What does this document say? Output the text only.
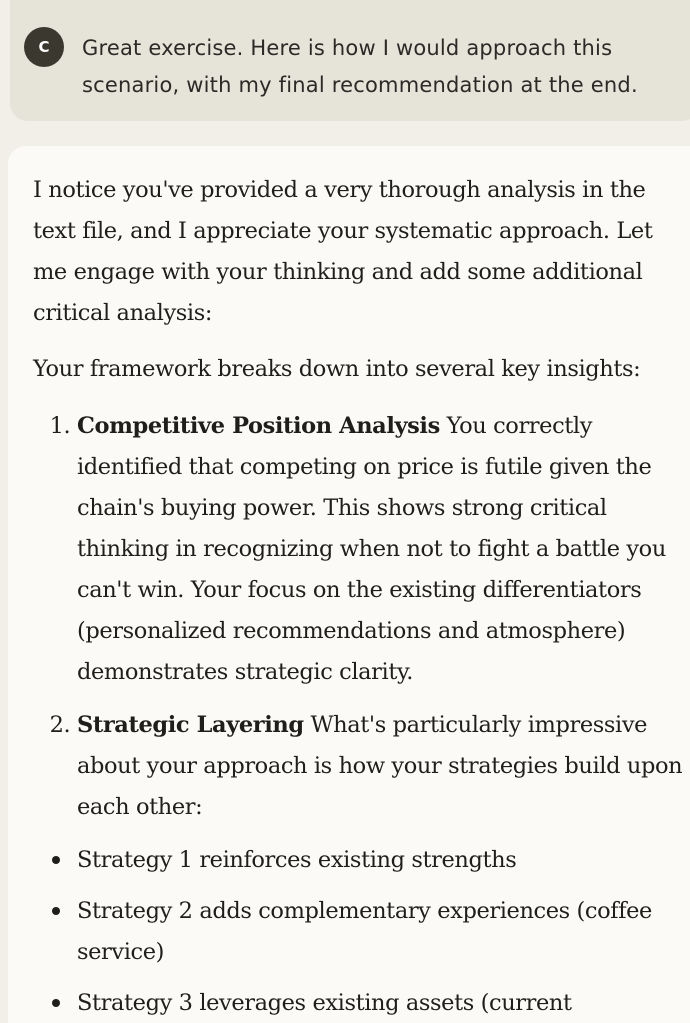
C	Great exercise. Here is how I would approach this scenario, with my final recommendation at the end.

I notice you've provided a very thorough analysis in the text file, and I appreciate your systematic approach. Let me engage with your thinking and add some additional critical analysis:

Your framework breaks down into several key insights:

1. Competitive Position Analysis You correctly identified that competing on price is futile given the chain's buying power. This shows strong critical thinking in recognizing when not to fight a battle you can't win. Your focus on the existing differentiators (personalized recommendations and atmosphere) demonstrates strategic clarity.
2. Strategic Layering What's particularly impressive about your approach is how your strategies build upon each other:
Strategy 1 reinforces existing strengths
Strategy 2 adds complementary experiences (coffee service)
Strategy 3 leverages existing assets (current
